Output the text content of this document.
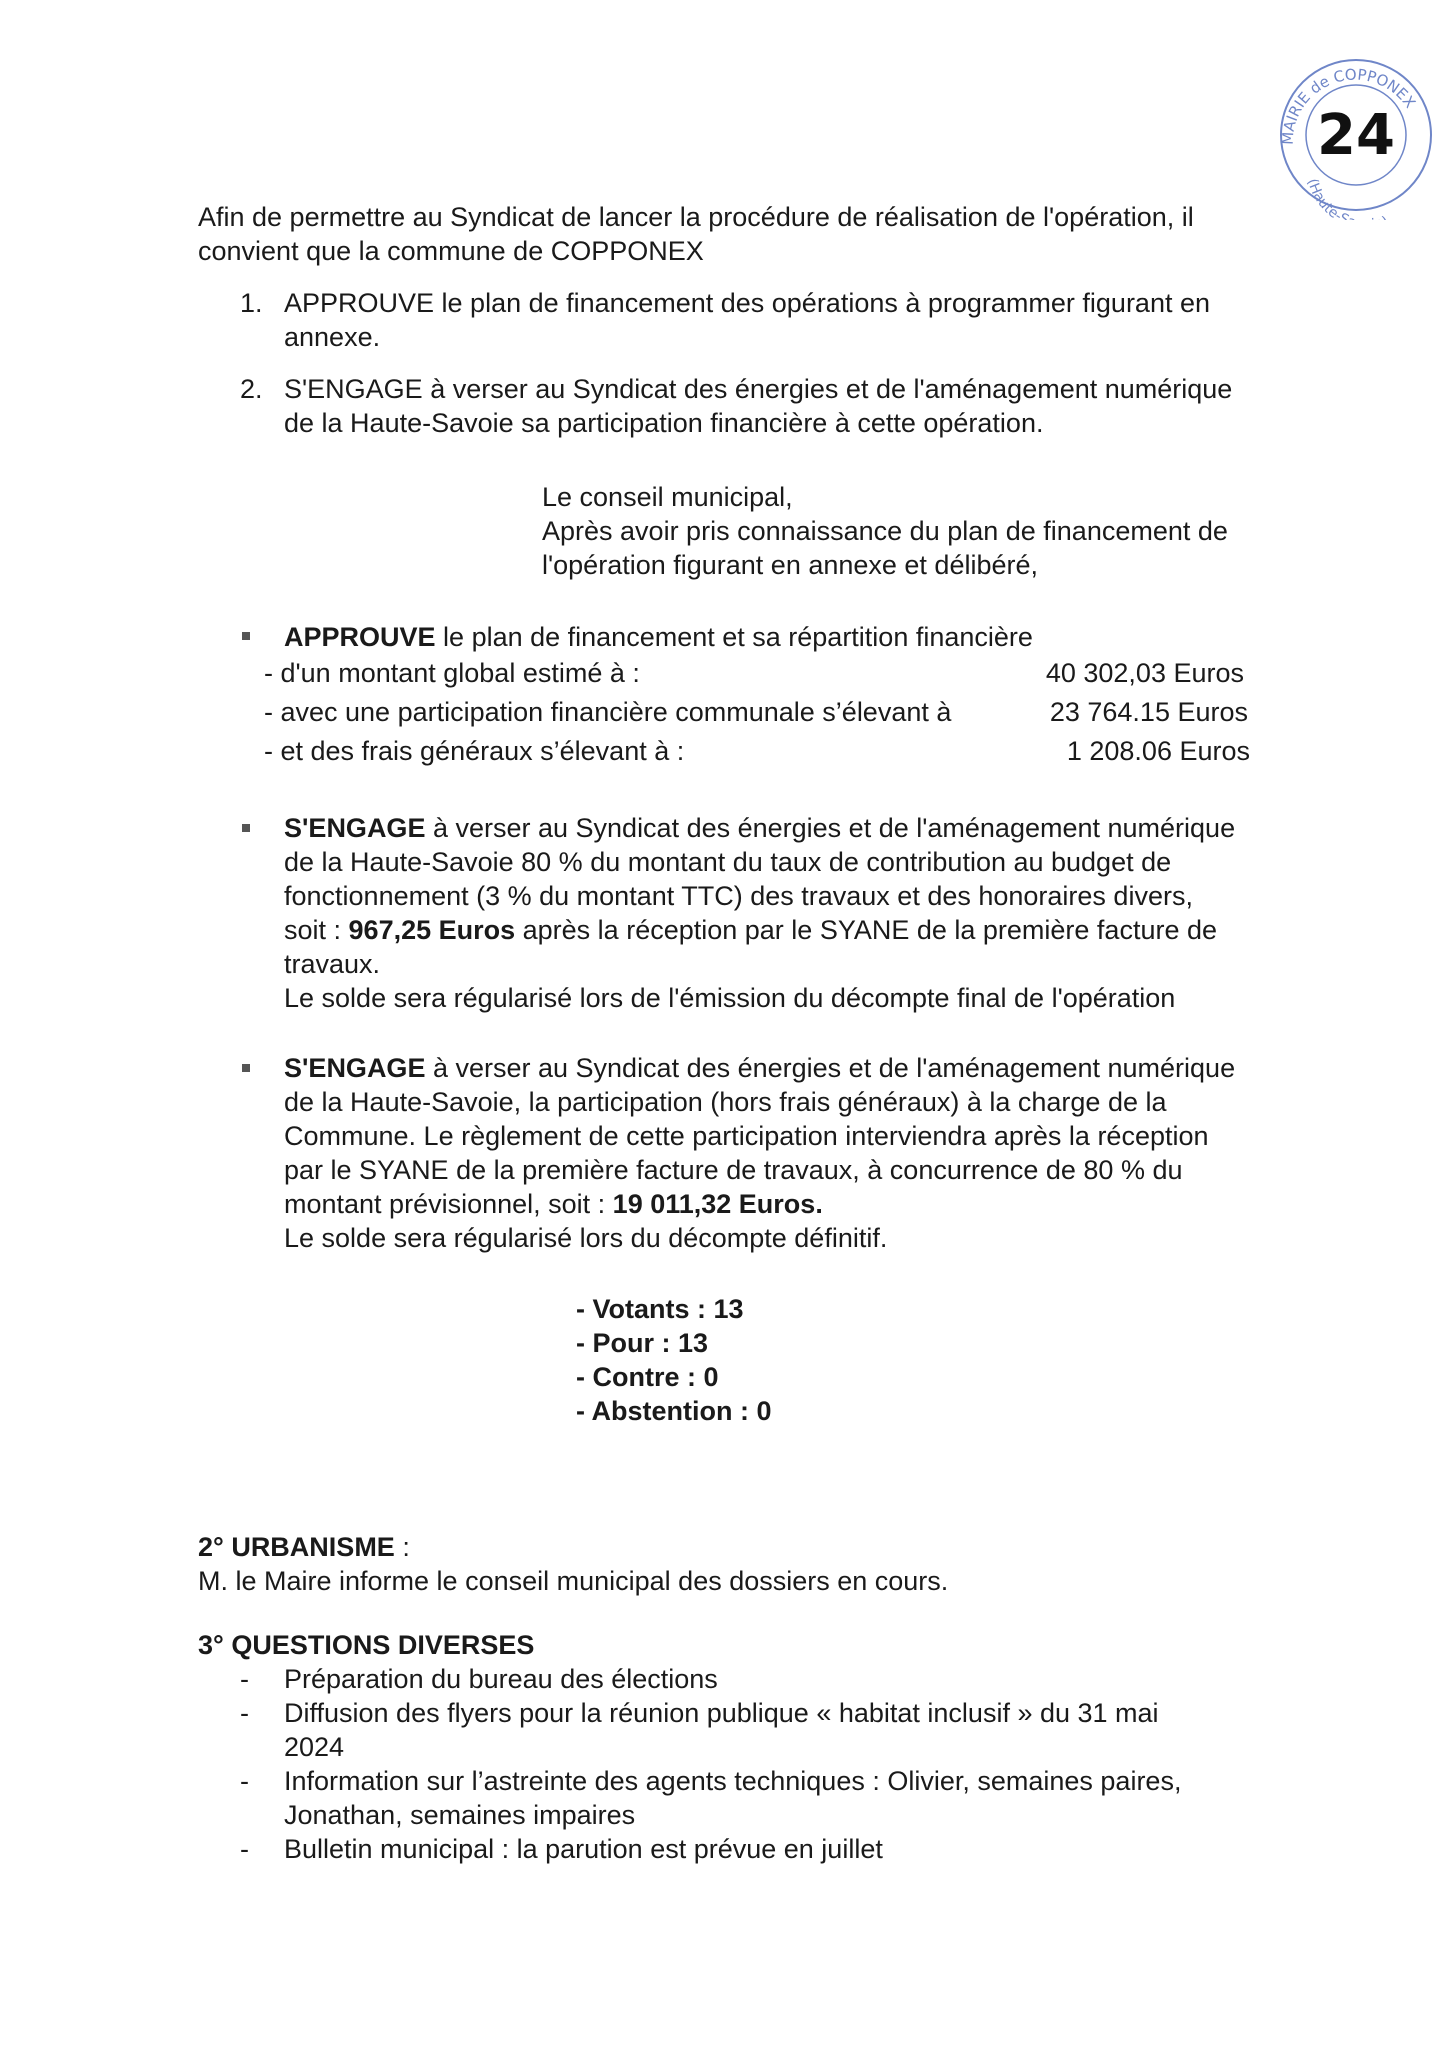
MAIRIE de COPPONEX
(Haute-S
24

Afin de permettre au Syndicat de lancer la procédure de réalisation de l'opération, il

convient que la commune de COPPONEX

1. APPROUVE le plan de financement des opérations à programmer figurant en

annexe.

2. S'ENGAGE à verser au Syndicat des énergies et de l'aménagement numérique

de la Haute-Savoie sa participation financière à cette opération.

Le conseil municipal,

Après avoir pris connaissance du plan de financement de

l'opération figurant en annexe et délibéré,

APPROUVE le plan de financement et sa répartition financière

- d'un montant global estimé à :	40 302,03 Euros
- avec une participation financière communale s’élevant à	23 764.15 Euros
- et des frais généraux s’élevant à :	1 208.06 Euros

S'ENGAGE à verser au Syndicat des énergies et de l'aménagement numérique

de la Haute-Savoie 80 % du montant du taux de contribution au budget de

fonctionnement (3 % du montant TTC) des travaux et des honoraires divers,

soit : 967,25 Euros après la réception par le SYANE de la première facture de

travaux.

Le solde sera régularisé lors de l'émission du décompte final de l'opération

S'ENGAGE à verser au Syndicat des énergies et de l'aménagement numérique

de la Haute-Savoie, la participation (hors frais généraux) à la charge de la

Commune. Le règlement de cette participation interviendra après la réception

par le SYANE de la première facture de travaux, à concurrence de 80 % du

montant prévisionnel, soit : 19 011,32 Euros.

Le solde sera régularisé lors du décompte définitif.

- Votants : 13

- Pour : 13

- Contre : 0

- Abstention : 0

2° URBANISME :

M. le Maire informe le conseil municipal des dossiers en cours.

3° QUESTIONS DIVERSES

- Préparation du bureau des élections

- Diffusion des flyers pour la réunion publique « habitat inclusif » du 31 mai

2024

- Information sur l’astreinte des agents techniques : Olivier, semaines paires,

Jonathan, semaines impaires

- Bulletin municipal : la parution est prévue en juillet
